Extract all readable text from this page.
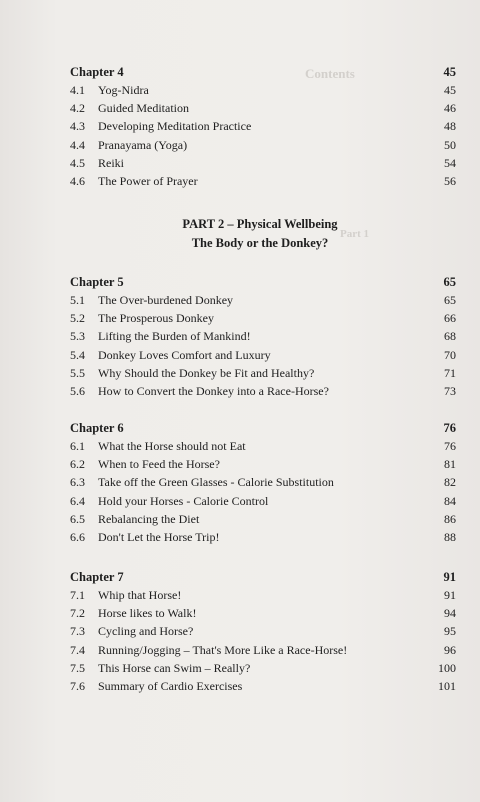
Contents
Part 1
Chapter 4	45
4.1 Yog-Nidra	45
4.2 Guided Meditation	46
4.3 Developing Meditation Practice	48
4.4 Pranayama (Yoga)	50
4.5 Reiki	54
4.6 The Power of Prayer	56
PART 2 – Physical Wellbeing
The Body or the Donkey?
Chapter 5	65
5.1 The Over-burdened Donkey	65
5.2 The Prosperous Donkey	66
5.3 Lifting the Burden of Mankind!	68
5.4 Donkey Loves Comfort and Luxury	70
5.5 Why Should the Donkey be Fit and Healthy?	71
5.6 How to Convert the Donkey into a Race-Horse?	73
Chapter 6	76
6.1 What the Horse should not Eat	76
6.2 When to Feed the Horse?	81
6.3 Take off the Green Glasses - Calorie Substitution	82
6.4 Hold your Horses - Calorie Control	84
6.5 Rebalancing the Diet	86
6.6 Don't Let the Horse Trip!	88
Chapter 7	91
7.1 Whip that Horse!	91
7.2 Horse likes to Walk!	94
7.3 Cycling and Horse?	95
7.4 Running/Jogging – That's More Like a Race-Horse!	96
7.5 This Horse can Swim – Really?	100
7.6 Summary of Cardio Exercises	101
